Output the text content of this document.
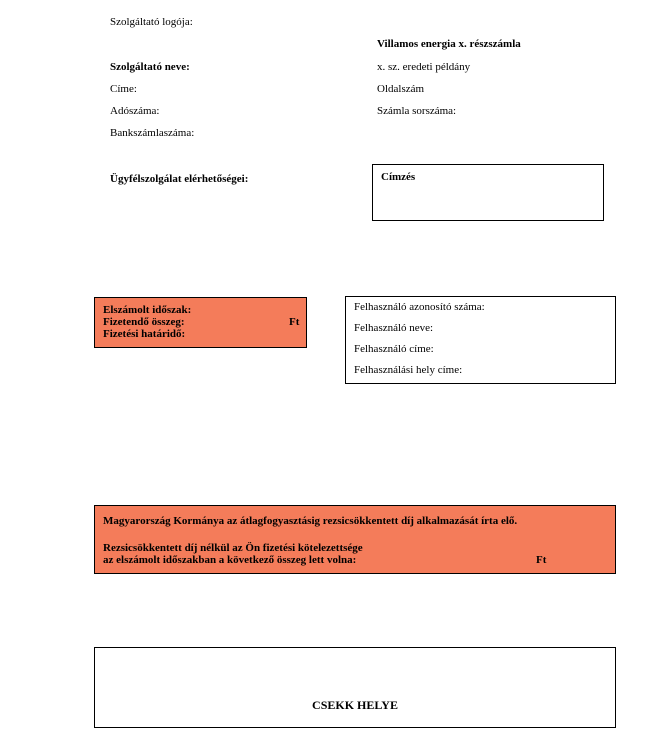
Szolgáltató logója:
Villamos energia x. részszámla
Szolgáltató neve:	x. sz. eredeti példány
Címe:	Oldalszám
Adószáma:	Számla sorszáma:
Bankszámlaszáma:
Ügyfélszolgálat elérhetőségei:	Címzés
Elszámolt időszak:
Fizetendő összeg:	Ft
Fizetési határidő:
Felhasználó azonosító száma:
Felhasználó neve:
Felhasználó címe:
Felhasználási hely címe:
Magyarország Kormánya az átlagfogyasztásig rezsicsökkentett díj alkalmazását írta elő.
Rezsicsökkentett díj nélkül az Ön fizetési kötelezettsége
az elszámolt időszakban a következő összeg lett volna:	Ft
CSEKK HELYE
